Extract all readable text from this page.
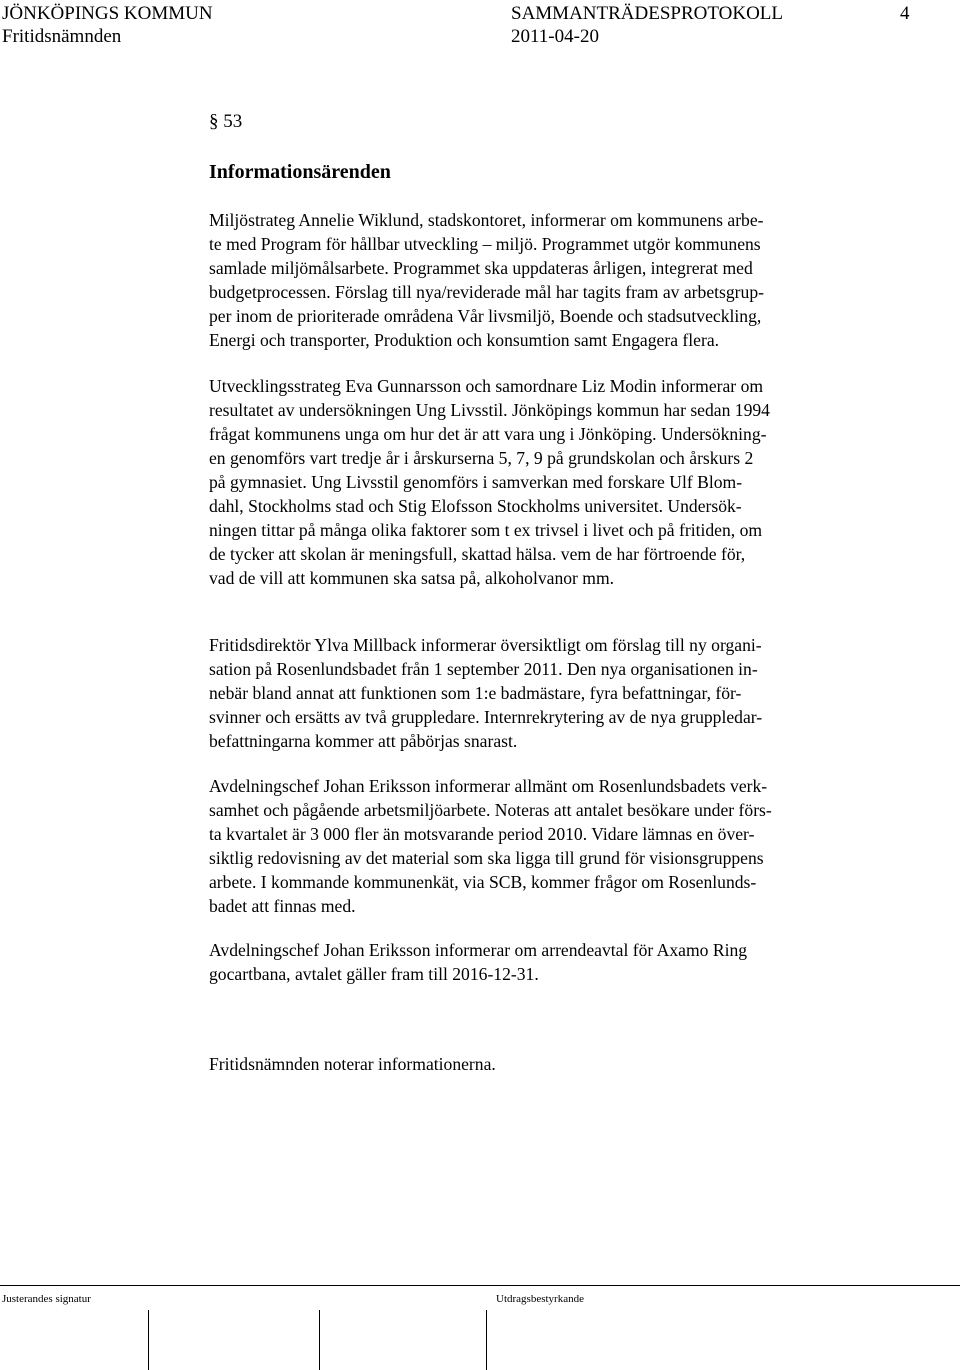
JÖNKÖPINGS KOMMUN	SAMMANTRÄDESPROTOKOLL	4
Fritidsnämnden	2011-04-20
§ 53
Informationsärenden
Miljöstrateg Annelie Wiklund, stadskontoret, informerar om kommunens arbe-
te med Program för hållbar utveckling – miljö. Programmet utgör kommunens
samlade miljömålsarbete. Programmet ska uppdateras årligen, integrerat med
budgetprocessen. Förslag till nya/reviderade mål har tagits fram av arbetsgrup-
per inom de prioriterade områdena Vår livsmiljö, Boende och stadsutveckling,
Energi och transporter, Produktion och konsumtion samt Engagera flera.
Utvecklingsstrateg Eva Gunnarsson och samordnare Liz Modin informerar om
resultatet av undersökningen Ung Livsstil. Jönköpings kommun har sedan 1994
frågat kommunens unga om hur det är att vara ung i Jönköping. Undersökning-
en genomförs vart tredje år i årskurserna 5, 7, 9 på grundskolan och årskurs 2
på gymnasiet. Ung Livsstil genomförs i samverkan med forskare Ulf Blom-
dahl, Stockholms stad och Stig Elofsson Stockholms universitet. Undersök-
ningen tittar på många olika faktorer som t ex trivsel i livet och på fritiden, om
de tycker att skolan är meningsfull, skattad hälsa. vem de har förtroende för,
vad de vill att kommunen ska satsa på, alkoholvanor mm.
Fritidsdirektör Ylva Millback informerar översiktligt om förslag till ny organi-
sation på Rosenlundsbadet från 1 september 2011. Den nya organisationen in-
nebär bland annat att funktionen som 1:e badmästare, fyra befattningar, för-
svinner och ersätts av två gruppledare. Internrekrytering av de nya gruppledar-
befattningarna kommer att påbörjas snarast.
Avdelningschef Johan Eriksson informerar allmänt om Rosenlundsbadets verk-
samhet och pågående arbetsmiljöarbete. Noteras att antalet besökare under förs-
ta kvartalet är 3 000 fler än motsvarande period 2010. Vidare lämnas en över-
siktlig redovisning av det material som ska ligga till grund för visionsgruppens
arbete. I kommande kommunenkät, via SCB, kommer frågor om Rosenlunds-
badet att finnas med.
Avdelningschef Johan Eriksson informerar om arrendeavtal för Axamo Ring
gocartbana, avtalet gäller fram till 2016-12-31.
Fritidsnämnden noterar informationerna.
Justerandes signatur	Utdragsbestyrkande
